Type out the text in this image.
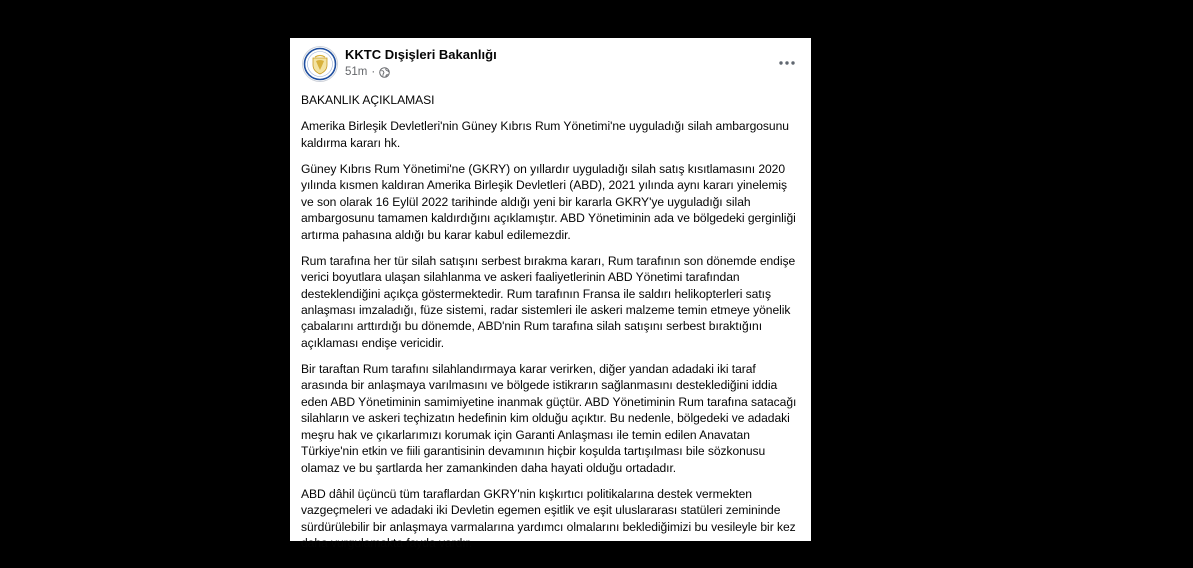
KKTC Dışişleri Bakanlığı
51m ·

BAKANLIK AÇIKLAMASI

Amerika Birleşik Devletleri'nin Güney Kıbrıs Rum Yönetimi'ne uyguladığı silah ambargosunu kaldırma kararı hk.

Güney Kıbrıs Rum Yönetimi'ne (GKRY) on yıllardır uyguladığı silah satış kısıtlamasını 2020 yılında kısmen kaldıran Amerika Birleşik Devletleri (ABD), 2021 yılında aynı kararı yinelemiş ve son olarak 16 Eylül 2022 tarihinde aldığı yeni bir kararla GKRY'ye uyguladığı silah ambargosunu tamamen kaldırdığını açıklamıştır. ABD Yönetiminin ada ve bölgedeki gerginliği artırma pahasına aldığı bu karar kabul edilemezdir.

Rum tarafına her tür silah satışını serbest bırakma kararı, Rum tarafının son dönemde endişe verici boyutlara ulaşan silahlanma ve askeri faaliyetlerinin ABD Yönetimi tarafından desteklendiğini açıkça göstermektedir. Rum tarafının Fransa ile saldırı helikopterleri satış anlaşması imzaladığı, füze sistemi, radar sistemleri ile askeri malzeme temin etmeye yönelik çabalarını arttırdığı bu dönemde, ABD'nin Rum tarafına silah satışını serbest bıraktığını açıklaması endişe vericidir.

Bir taraftan Rum tarafını silahlandırmaya karar verirken, diğer yandan adadaki iki taraf arasında bir anlaşmaya varılmasını ve bölgede istikrarın sağlanmasını desteklediğini iddia eden ABD Yönetiminin samimiyetine inanmak güçtür. ABD Yönetiminin Rum tarafına satacağı silahların ve askeri teçhizatın hedefinin kim olduğu açıktır. Bu nedenle, bölgedeki ve adadaki meşru hak ve çıkarlarımızı korumak için Garanti Anlaşması ile temin edilen Anavatan Türkiye'nin etkin ve fiili garantisinin devamının hiçbir koşulda tartışılması bile sözkonusu olamaz ve bu şartlarda her zamankinden daha hayati olduğu ortadadır.

ABD dâhil üçüncü tüm taraflardan GKRY'nin kışkırtıcı politikalarına destek vermekten vazgeçmeleri ve adadaki iki Devletin egemen eşitlik ve eşit uluslararası statüleri zemininde sürdürülebilir bir anlaşmaya varmalarına yardımcı olmalarını beklediğimizi bu vesileyle bir kez daha vurgulamakta fayda vardır.
